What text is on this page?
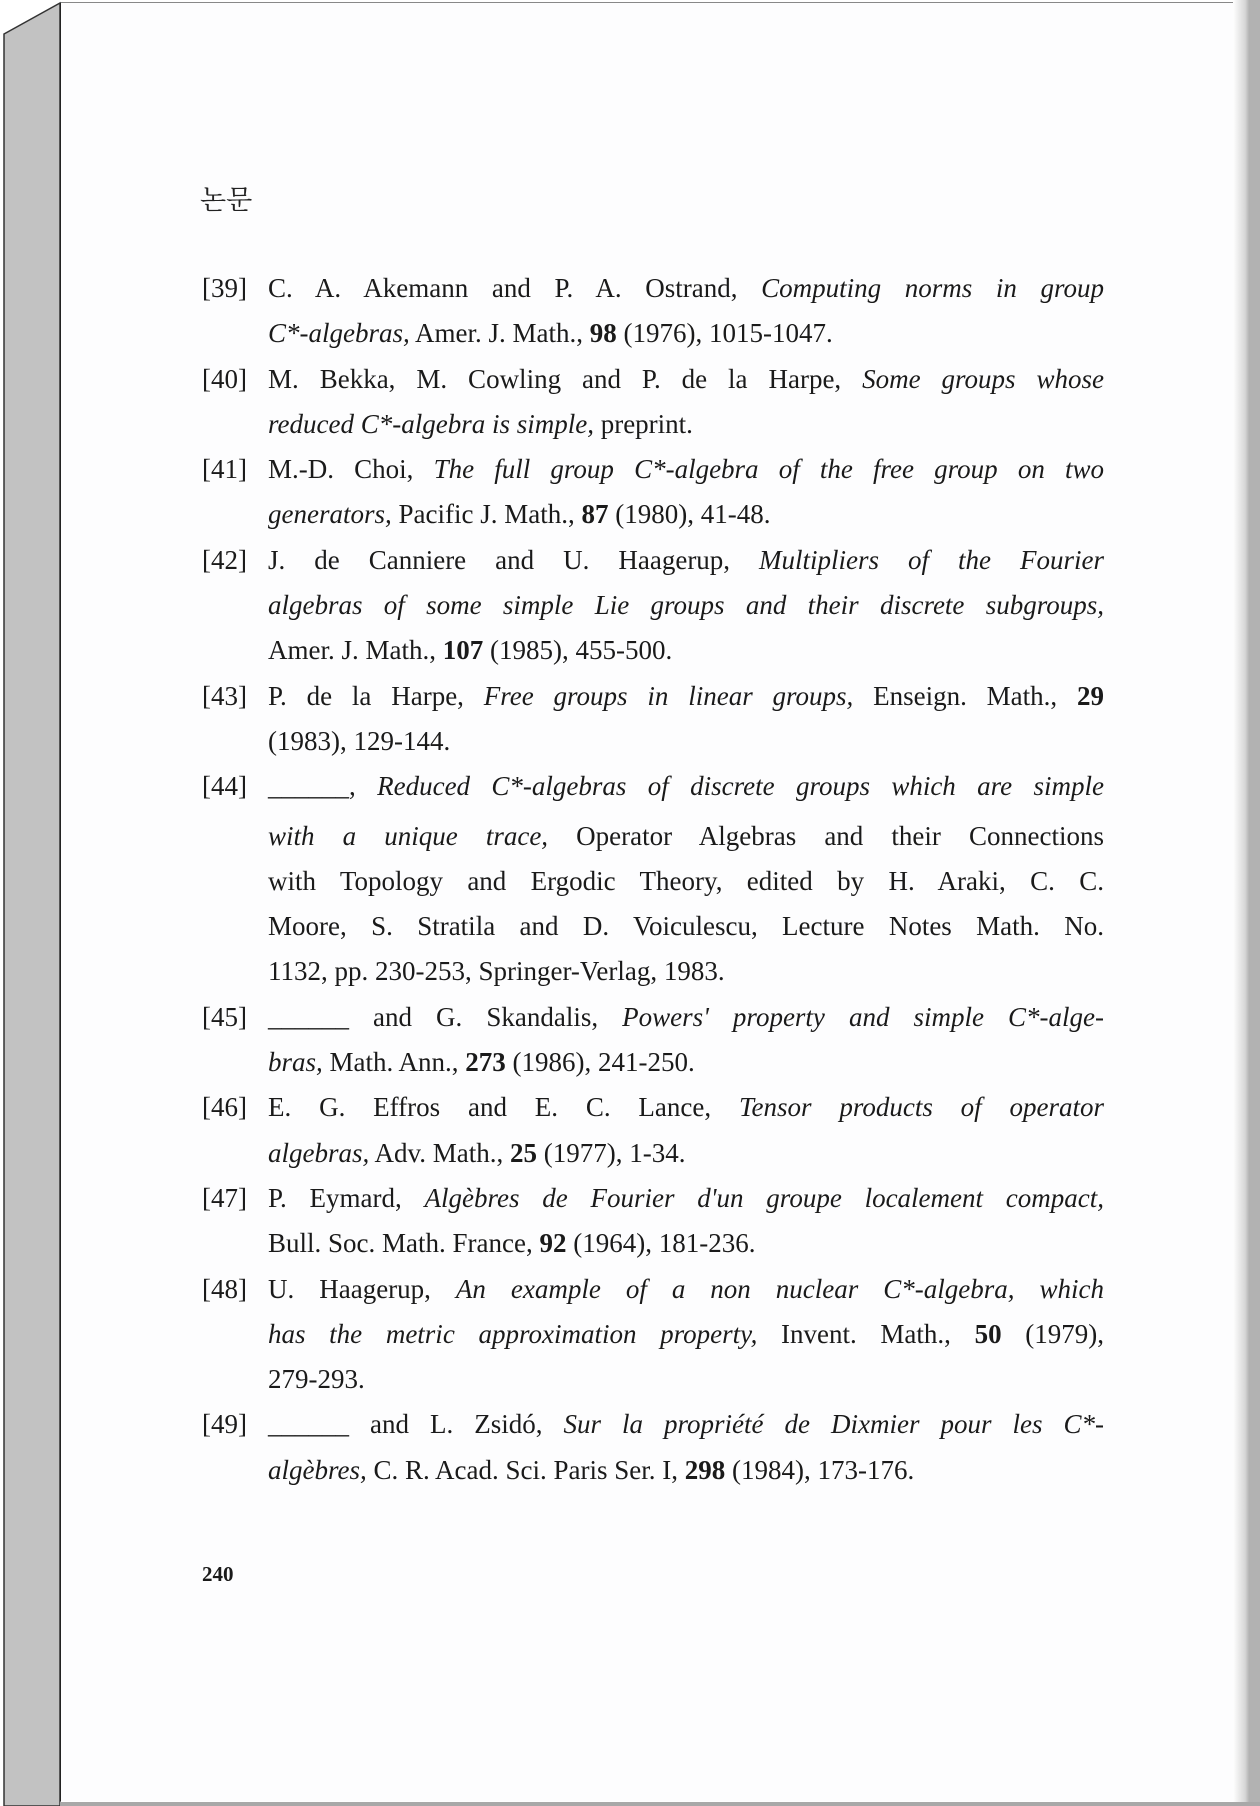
논문
[39] C. A. Akemann and P. A. Ostrand, Computing norms in group
C*-algebras, Amer. J. Math., 98 (1976), 1015-1047.
[40] M. Bekka, M. Cowling and P. de la Harpe, Some groups whose
reduced C*-algebra is simple, preprint.
[41] M.-D. Choi, The full group C*-algebra of the free group on two
generators, Pacific J. Math., 87 (1980), 41-48.
[42] J. de Canniere and U. Haagerup, Multipliers of the Fourier
algebras of some simple Lie groups and their discrete subgroups,
Amer. J. Math., 107 (1985), 455-500.
[43] P. de la Harpe, Free groups in linear groups, Enseign. Math., 29
(1983), 129-144.
[44] ______, Reduced C*-algebras of discrete groups which are simple
with a unique trace, Operator Algebras and their Connections
with Topology and Ergodic Theory, edited by H. Araki, C. C.
Moore, S. Stratila and D. Voiculescu, Lecture Notes Math. No.
1132, pp. 230-253, Springer-Verlag, 1983.
[45] ______ and G. Skandalis, Powers' property and simple C*-alge-
bras, Math. Ann., 273 (1986), 241-250.
[46] E. G. Effros and E. C. Lance, Tensor products of operator
algebras, Adv. Math., 25 (1977), 1-34.
[47] P. Eymard, Algèbres de Fourier d'un groupe localement compact,
Bull. Soc. Math. France, 92 (1964), 181-236.
[48] U. Haagerup, An example of a non nuclear C*-algebra, which
has the metric approximation property, Invent. Math., 50 (1979),
279-293.
[49] ______ and L. Zsidó, Sur la propriété de Dixmier pour les C*-
algèbres, C. R. Acad. Sci. Paris Ser. I, 298 (1984), 173-176.
240
